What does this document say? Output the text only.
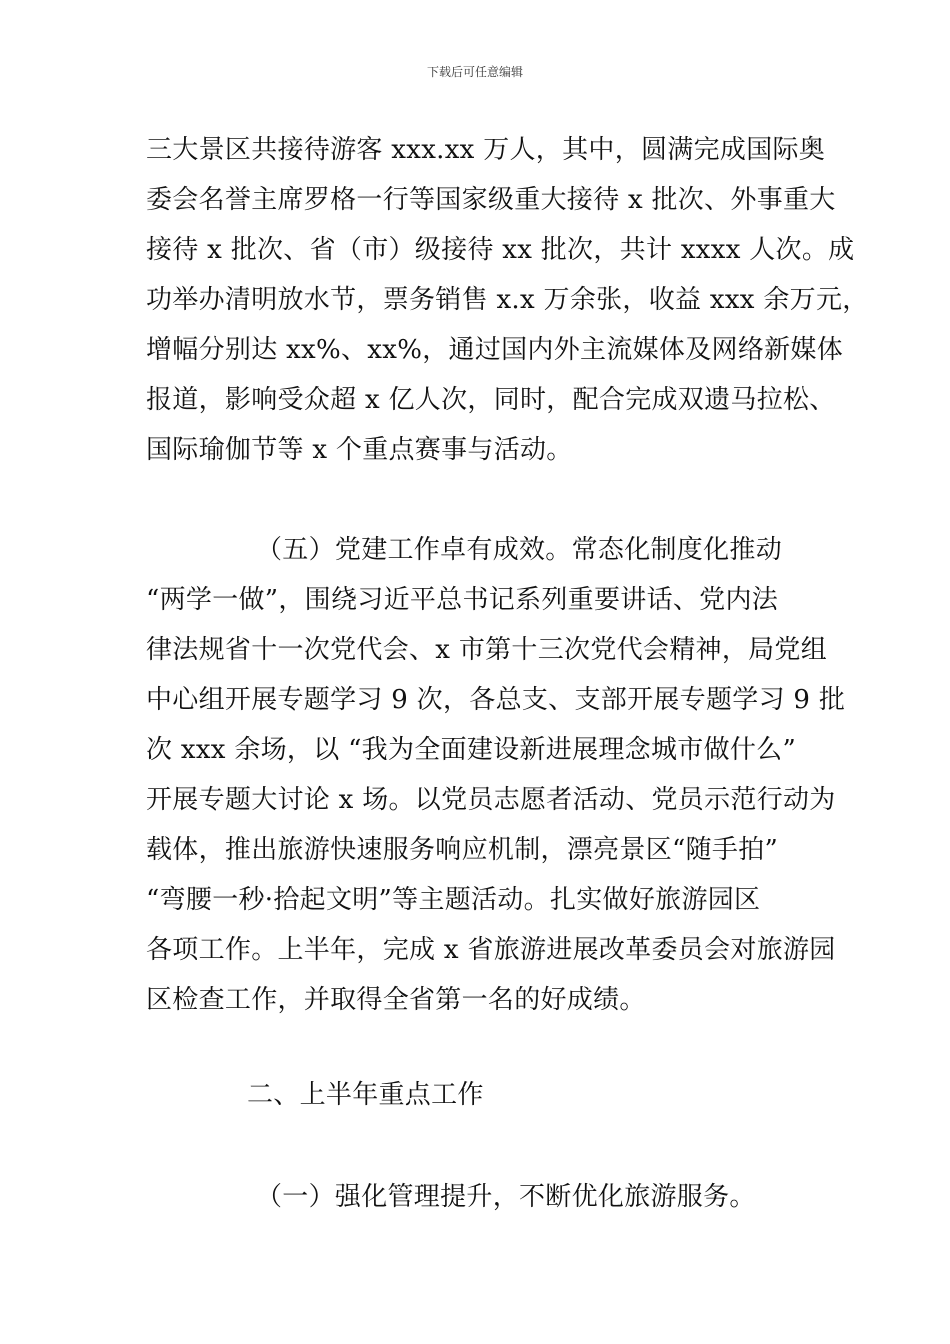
下载后可任意编辑
三大景区共接待游客 xxx.xx 万人，其中，圆满完成国际奥
委会名誉主席罗格一行等国家级重大接待 x 批次、外事重大
接待 x 批次、省（市）级接待 xx 批次，共计 xxxx 人次。成
功举办清明放水节，票务销售 x.x 万余张，收益 xxx 余万元，
增幅分别达 xx%、xx%，通过国内外主流媒体及网络新媒体
报道，影响受众超 x 亿人次，同时，配合完成双遗马拉松、
国际瑜伽节等 x 个重点赛事与活动。
（五）党建工作卓有成效。常态化制度化推动
“两学一做”，围绕习近平总书记系列重要讲话、党内法
律法规省十一次党代会、x 市第十三次党代会精神，局党组
中心组开展专题学习 9 次，各总支、支部开展专题学习 9 批
次 xxx 余场，以 “我为全面建设新进展理念城市做什么”
开展专题大讨论 x 场。以党员志愿者活动、党员示范行动为
载体，推出旅游快速服务响应机制，漂亮景区“随手拍”
“弯腰一秒·拾起文明”等主题活动。扎实做好旅游园区
各项工作。上半年，完成 x 省旅游进展改革委员会对旅游园
区检查工作，并取得全省第一名的好成绩。
二、上半年重点工作
（一）强化管理提升，不断优化旅游服务。
